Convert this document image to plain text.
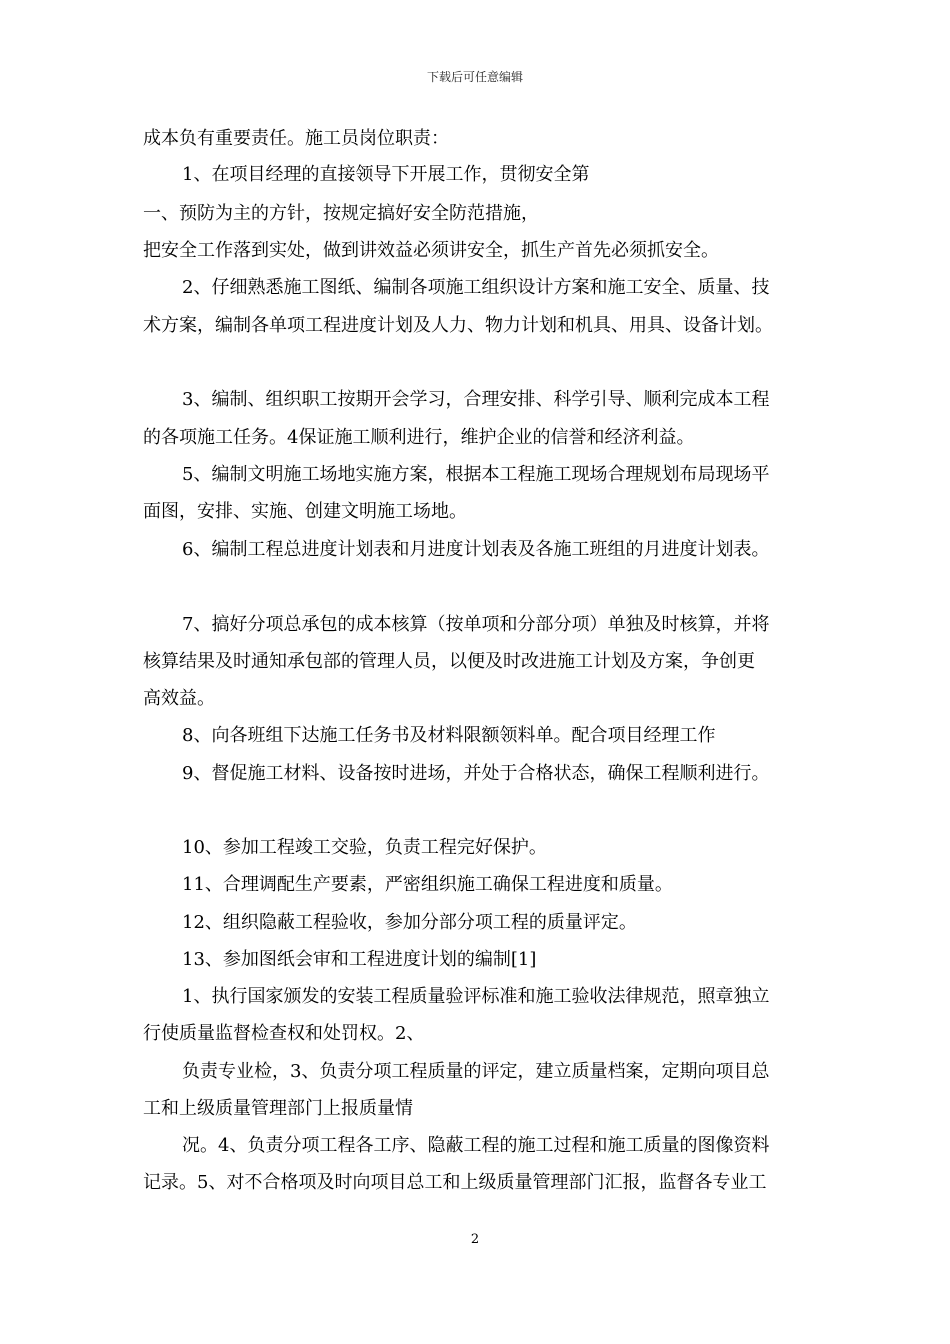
下载后可任意编辑
成本负有重要责任。施工员岗位职责：
1、在项目经理的直接领导下开展工作，贯彻安全第
一、预防为主的方针，按规定搞好安全防范措施，
把安全工作落到实处，做到讲效益必须讲安全，抓生产首先必须抓安全。
2、仔细熟悉施工图纸、编制各项施工组织设计方案和施工安全、质量、技
术方案，编制各单项工程进度计划及人力、物力计划和机具、用具、设备计划。
3、编制、组织职工按期开会学习，合理安排、科学引导、顺利完成本工程
的各项施工任务。4保证施工顺利进行，维护企业的信誉和经济利益。
5、编制文明施工场地实施方案，根据本工程施工现场合理规划布局现场平
面图，安排、实施、创建文明施工场地。
6、编制工程总进度计划表和月进度计划表及各施工班组的月进度计划表。
7、搞好分项总承包的成本核算（按单项和分部分项）单独及时核算，并将
核算结果及时通知承包部的管理人员，以便及时改进施工计划及方案，争创更
高效益。
8、向各班组下达施工任务书及材料限额领料单。配合项目经理工作
9、督促施工材料、设备按时进场，并处于合格状态，确保工程顺利进行。
10、参加工程竣工交验，负责工程完好保护。
11、合理调配生产要素，严密组织施工确保工程进度和质量。
12、组织隐蔽工程验收，参加分部分项工程的质量评定。
13、参加图纸会审和工程进度计划的编制[1]
1、执行国家颁发的安装工程质量验评标准和施工验收法律规范，照章独立
行使质量监督检查权和处罚权。2、
负责专业检，3、负责分项工程质量的评定，建立质量档案，定期向项目总
工和上级质量管理部门上报质量情
况。4、负责分项工程各工序、隐蔽工程的施工过程和施工质量的图像资料
记录。5、对不合格项及时向项目总工和上级质量管理部门汇报，监督各专业工
2
